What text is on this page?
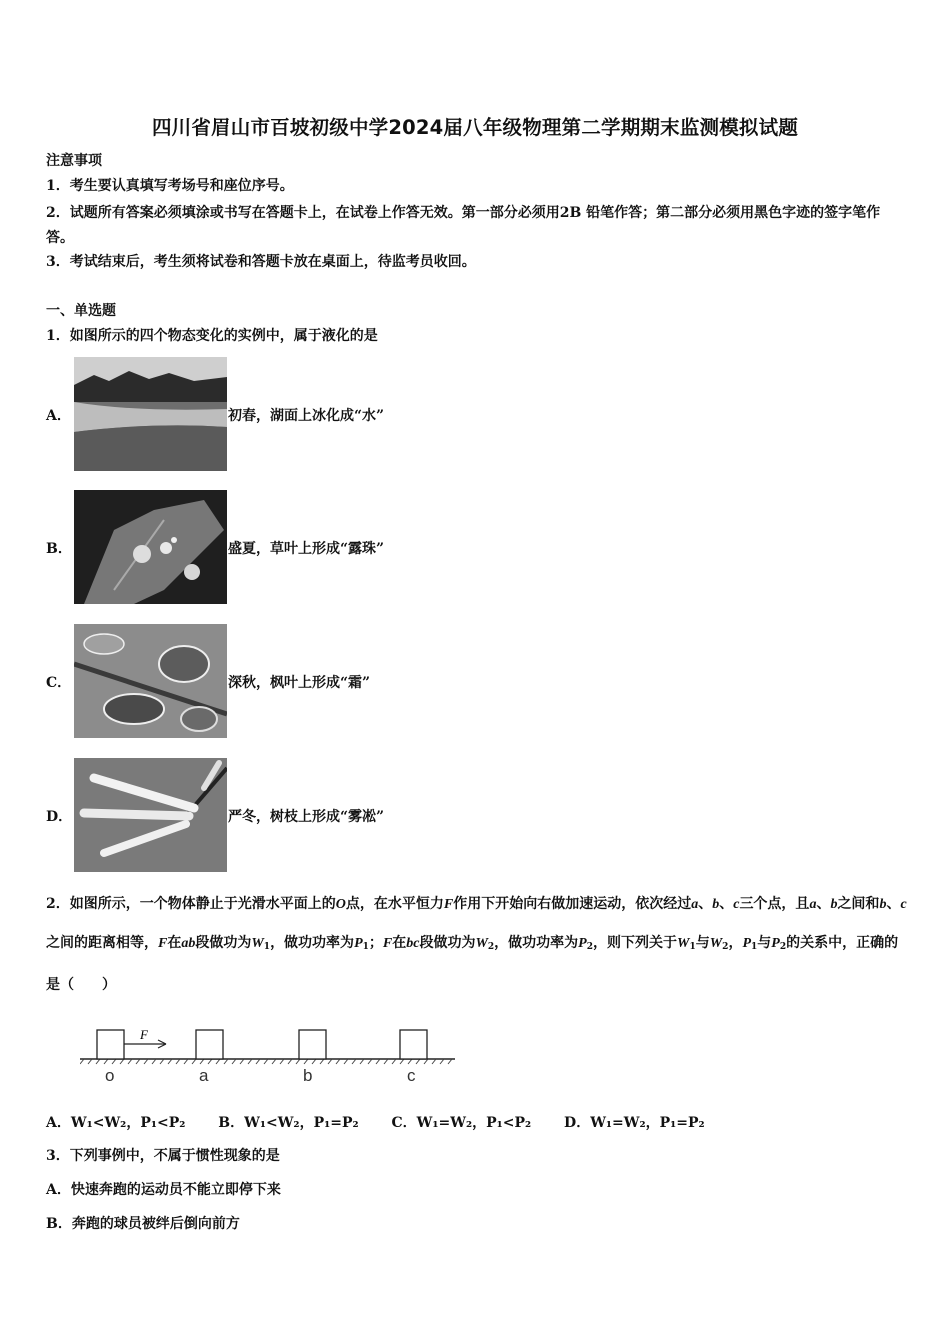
四川省眉山市百坡初级中学2024届八年级物理第二学期期末监测模拟试题
注意事项
1．考生要认真填写考场号和座位序号。
2．试题所有答案必须填涂或书写在答题卡上，在试卷上作答无效。第一部分必须用2B 铅笔作答；第二部分必须用黑色字迹的签字笔作答。
3．考试结束后，考生须将试卷和答题卡放在桌面上，待监考员收回。
一、单选题
1．如图所示的四个物态变化的实例中，属于液化的是
A．	初春，湖面上冰化成“水”
B．	盛夏，草叶上形成“露珠”
C．	深秋，枫叶上形成“霜”
D．	严冬，树枝上形成“雾凇”
2．如图所示，一个物体静止于光滑水平面上的O点，在水平恒力F作用下开始向右做加速运动，依次经过a、b、c三个点，且a、b之间和b、c之间的距离相等，F在ab段做功为$W_1$，做功功率为$P_1$；F在bc段做功为$W_2$，做功功率为$P_2$，则下列关于$W_1$与$W_2$，$P_1$与$P_2$的关系中，正确的是（　　）
F
o	a	b	c
A．W₁<W₂，P₁<P₂ B．W₁<W₂，P₁=P₂ C．W₁=W₂，P₁<P₂ D．W₁=W₂，P₁=P₂
3．下列事例中，不属于惯性现象的是
A．快速奔跑的运动员不能立即停下来
B．奔跑的球员被绊后倒向前方
